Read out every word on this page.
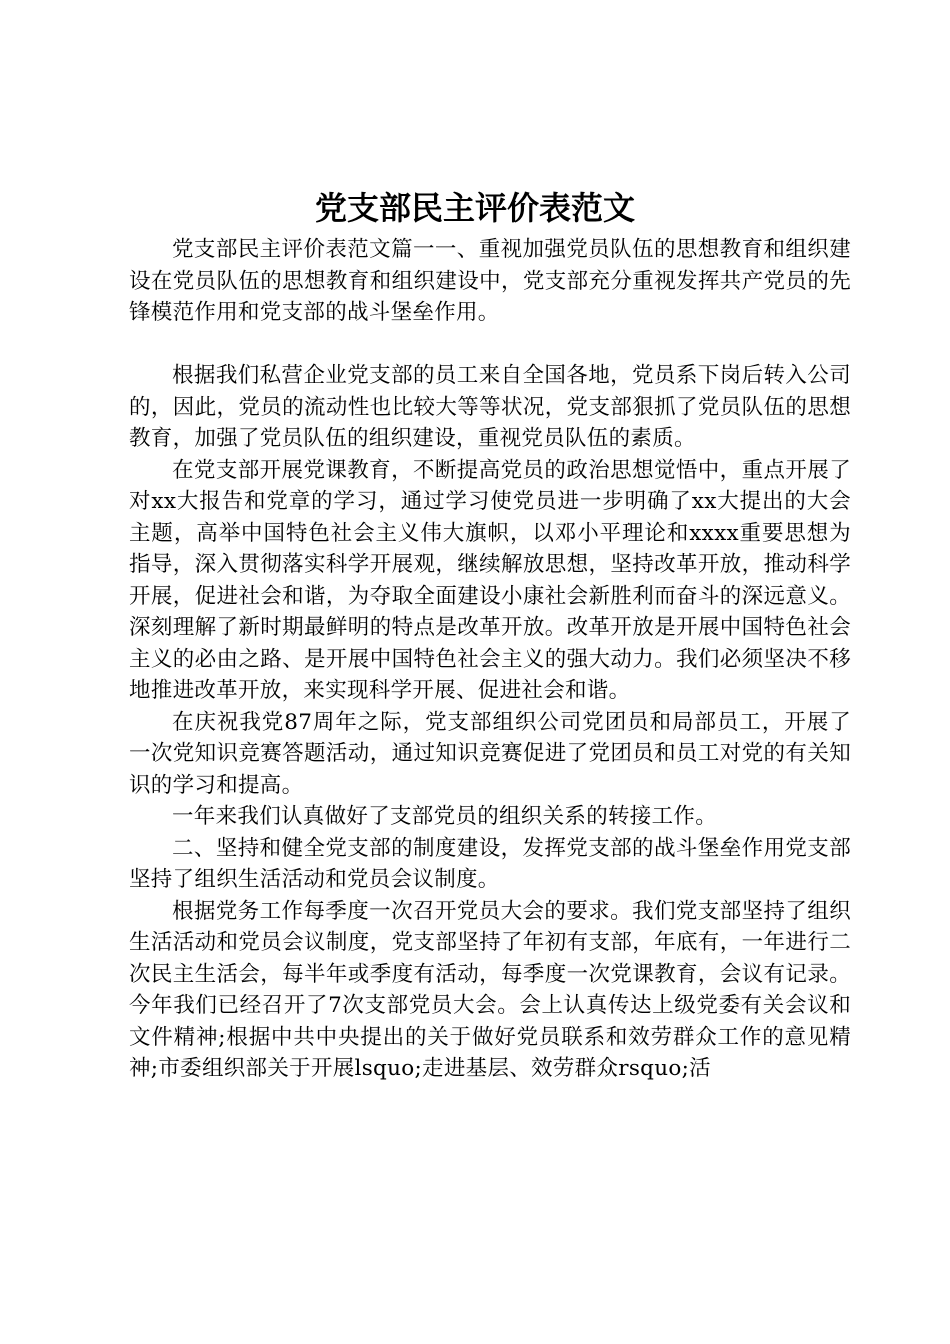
党支部民主评价表范文

党支部民主评价表范文篇一一、重视加强党员队伍的思想教育和组织建设在党员队伍的思想教育和组织建设中，党支部充分重视发挥共产党员的先锋模范作用和党支部的战斗堡垒作用。

根据我们私营企业党支部的员工来自全国各地，党员系下岗后转入公司的，因此，党员的流动性也比较大等等状况，党支部狠抓了党员队伍的思想教育，加强了党员队伍的组织建设，重视党员队伍的素质。

在党支部开展党课教育，不断提高党员的政治思想觉悟中，重点开展了对xx大报告和党章的学习，通过学习使党员进一步明确了xx大提出的大会主题，高举中国特色社会主义伟大旗帜，以邓小平理论和xxxx重要思想为指导，深入贯彻落实科学开展观，继续解放思想，坚持改革开放，推动科学开展，促进社会和谐，为夺取全面建设小康社会新胜利而奋斗的深远意义。深刻理解了新时期最鲜明的特点是改革开放。改革开放是开展中国特色社会主义的必由之路、是开展中国特色社会主义的强大动力。我们必须坚决不移地推进改革开放，来实现科学开展、促进社会和谐。

在庆祝我党87周年之际，党支部组织公司党团员和局部员工，开展了一次党知识竞赛答题活动，通过知识竞赛促进了党团员和员工对党的有关知识的学习和提高。

一年来我们认真做好了支部党员的组织关系的转接工作。

二、坚持和健全党支部的制度建设，发挥党支部的战斗堡垒作用党支部坚持了组织生活活动和党员会议制度。

根据党务工作每季度一次召开党员大会的要求。我们党支部坚持了组织生活活动和党员会议制度，党支部坚持了年初有支部，年底有，一年进行二次民主生活会，每半年或季度有活动，每季度一次党课教育，会议有记录。今年我们已经召开了7次支部党员大会。会上认真传达上级党委有关会议和文件精神;根据中共中央提出的关于做好党员联系和效劳群众工作的意见精神;市委组织部关于开展lsquo;走进基层、效劳群众rsquo;活
